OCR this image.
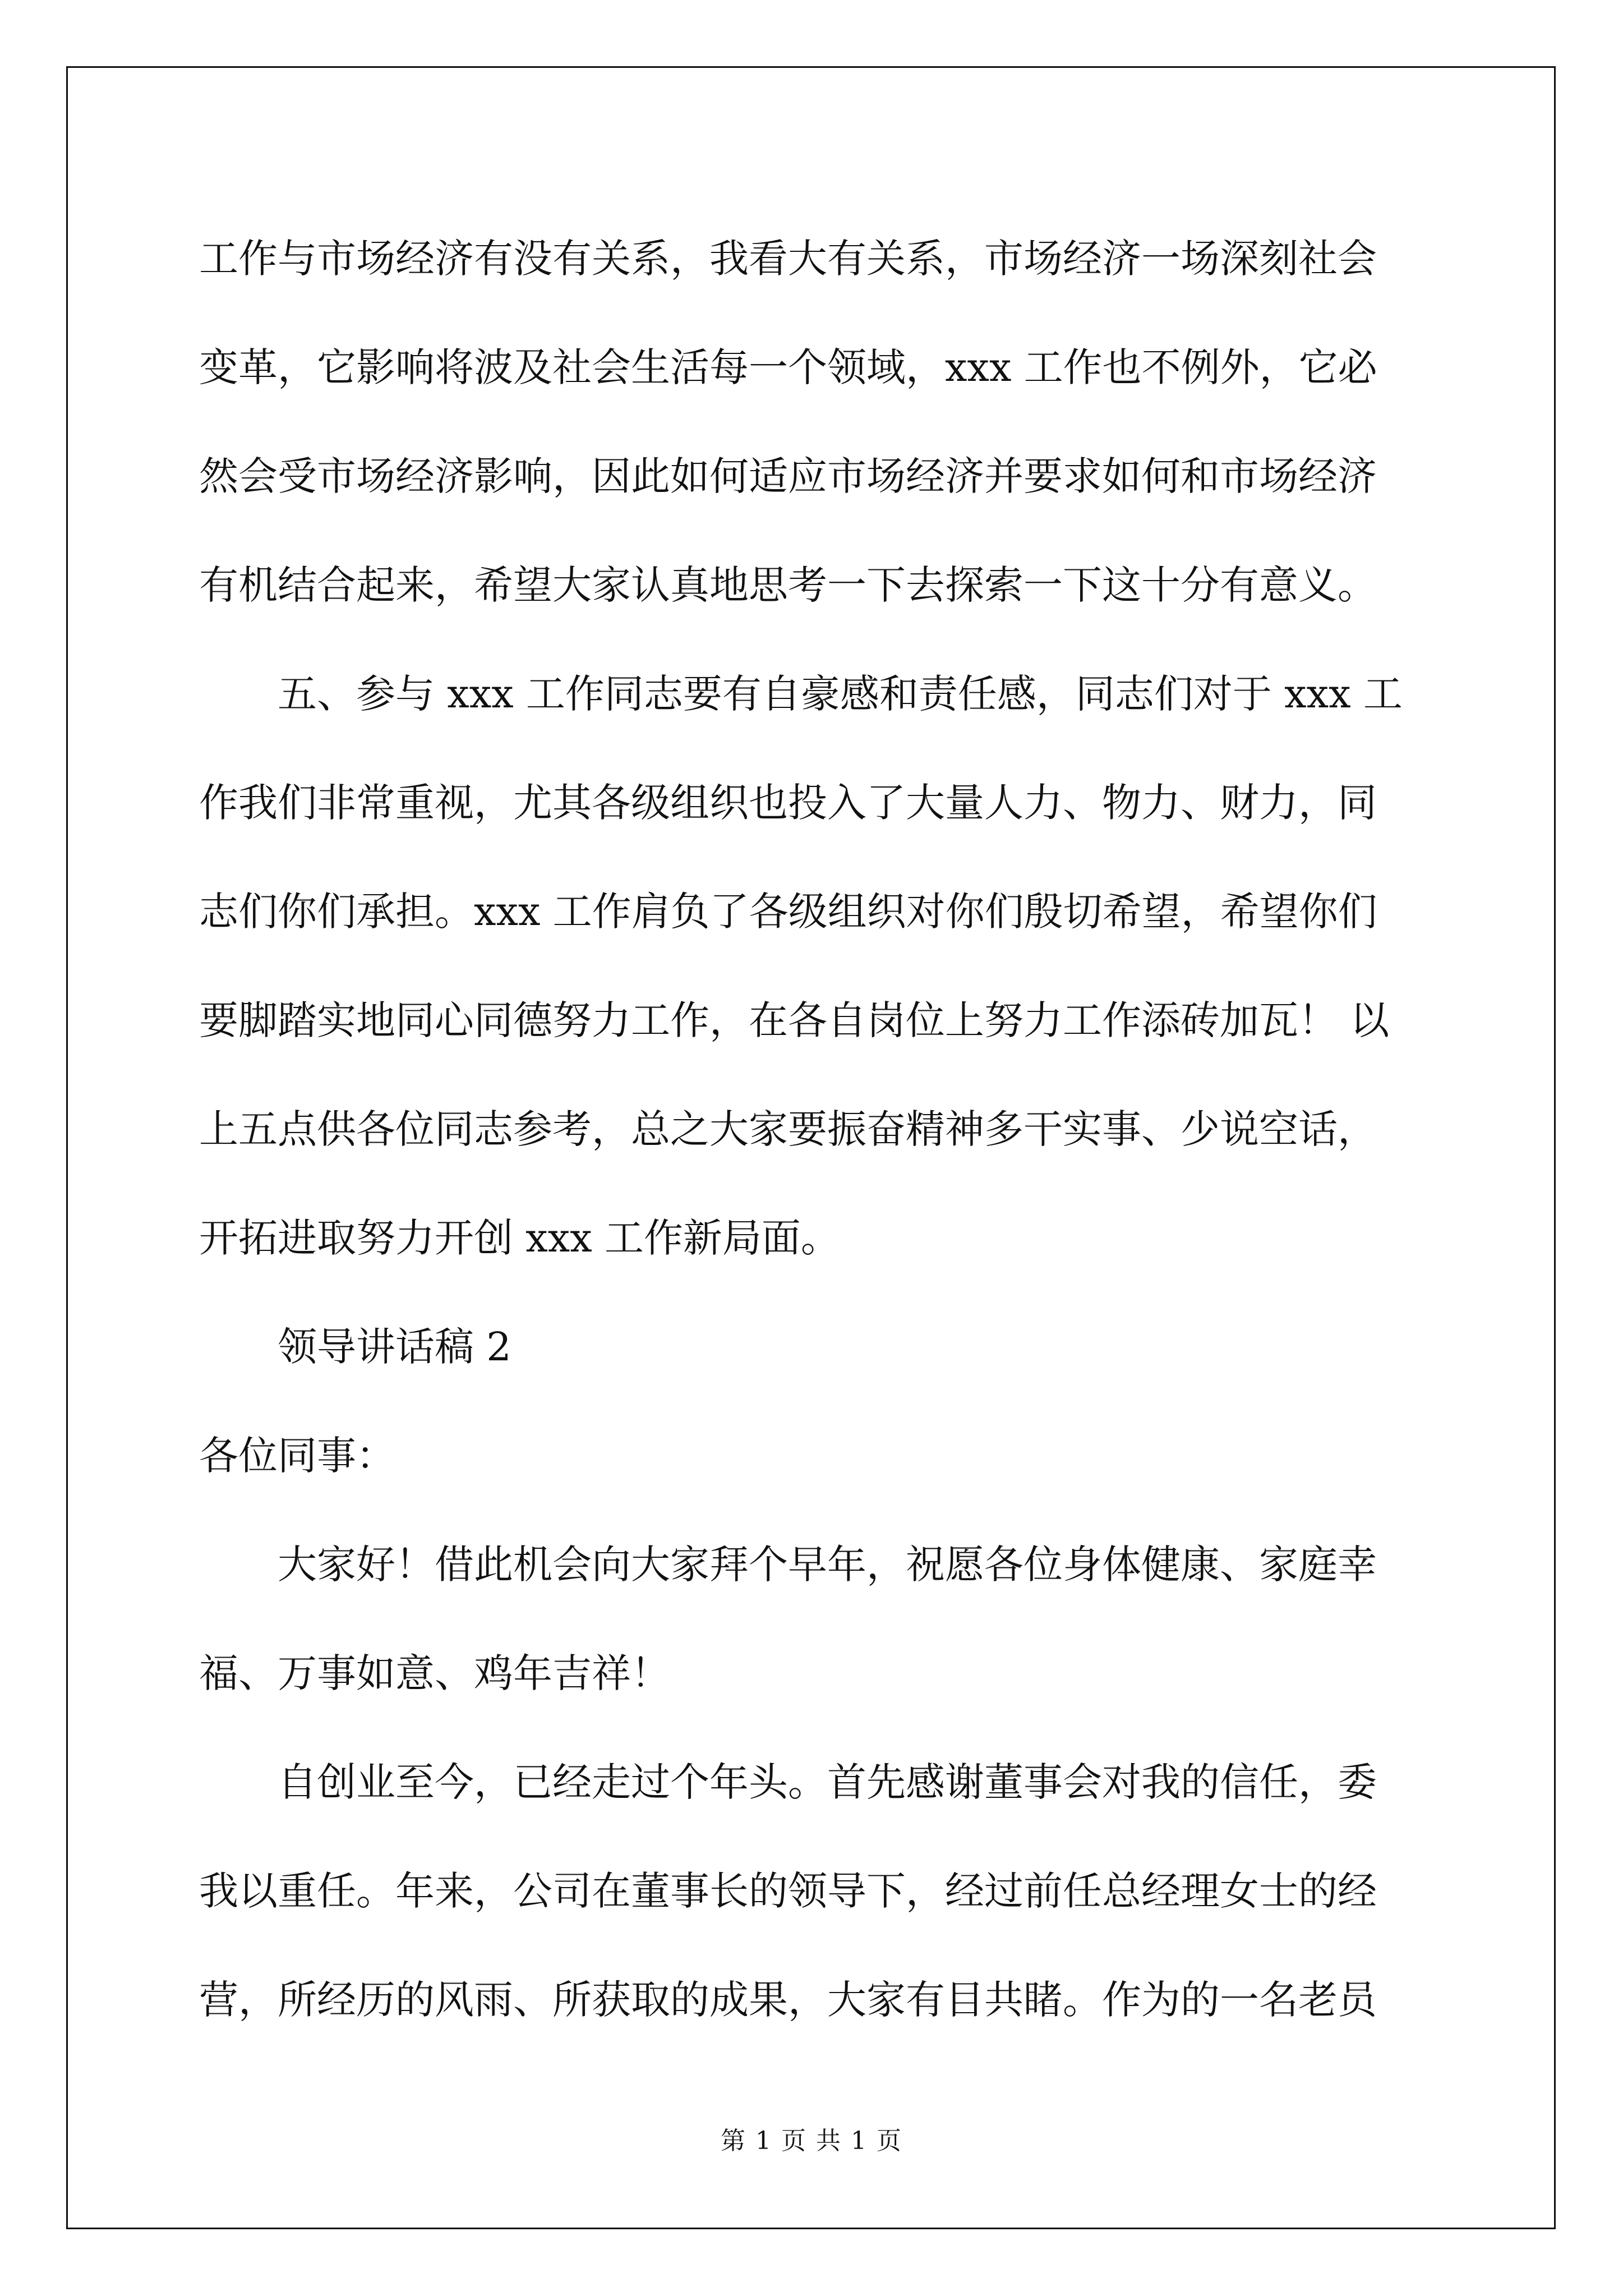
工作与市场经济有没有关系，我看大有关系，市场经济一场深刻社会
变革，它影响将波及社会生活每一个领域，xxx 工作也不例外，它必
然会受市场经济影响，因此如何适应市场经济并要求如何和市场经济
有机结合起来，希望大家认真地思考一下去探索一下这十分有意义。
五、参与 xxx 工作同志要有自豪感和责任感，同志们对于 xxx 工
作我们非常重视，尤其各级组织也投入了大量人力、物力、财力，同
志们你们承担。xxx 工作肩负了各级组织对你们殷切希望，希望你们
要脚踏实地同心同德努力工作，在各自岗位上努力工作添砖加瓦！ 以
上五点供各位同志参考，总之大家要振奋精神多干实事、少说空话，
开拓进取努力开创 xxx 工作新局面。
领导讲话稿 2
各位同事：
大家好！借此机会向大家拜个早年，祝愿各位身体健康、家庭幸
福、万事如意、鸡年吉祥！
自创业至今，已经走过个年头。首先感谢董事会对我的信任，委
我以重任。年来，公司在董事长的领导下，经过前任总经理女士的经
营，所经历的风雨、所获取的成果，大家有目共睹。作为的一名老员
第 1 页 共 1 页
